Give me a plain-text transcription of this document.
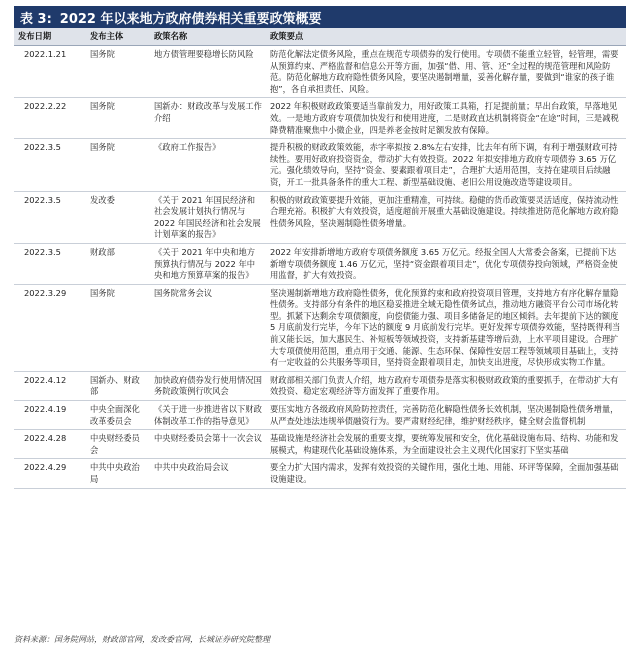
表 3: 2022 年以来地方政府债券相关重要政策概要
发布日期	发布主体	政策名称	政策要点
2022.1.21	国务院	地方债管理要稳增长防风险	防范化解法定债务风险，重点在规范专项债券的发行使用。专项债不能重立轻管，轻管理，需要从预算约束、严格监督和信息公开等方面，加强“借、用、管、还”全过程的规范管理和风险防范。防范化解地方政府隐性债务风险，要坚决遏制增量，妥善化解存量，要做到“谁家的孩子谁抱”，各自承担责任、风险。
2022.2.22	国务院	国新办：财政改革与发展工作介绍	2022 年积极财政政策要适当靠前发力，用好政策工具箱，打足提前量；早出台政策，早落地见效。一是地方政府专项债加快发行和使用进度，二是财政直达机制将资金“在途”时间，三是减税降费精准聚焦中小微企业，四是养老金按时足额发放有保障。
2022.3.5	国务院	《政府工作报告》	提升积极的财政政策效能，赤字率拟按 2.8%左右安排，比去年有所下调，有利于增强财政可持续性。要用好政府投资资金，带动扩大有效投资。2022 年拟安排地方政府专项债券 3.65 万亿元。强化绩效导向，坚持“资金、要素跟着项目走”，合理扩大适用范围，支持在建项目后续融资，开工一批具备条件的重大工程、新型基础设施、老旧公用设施改造等建设项目。
2022.3.5	发改委	《关于 2021 年国民经济和社会发展计划执行情况与 2022 年国民经济和社会发展计划草案的报告》	积极的财政政策要提升效能，更加注重精准，可持续。稳健的货币政策要灵活适度，保持流动性合理充裕。积极扩大有效投资，适度超前开展重大基础设施建设。持续推进防范化解地方政府隐性债务风险，坚决遏制隐性债务增量。
2022.3.5	财政部	《关于 2021 年中央和地方预算执行情况与 2022 年中央和地方预算草案的报告》	2022 年安排新增地方政府专项债务额度 3.65 万亿元。经报全国人大常委会备案，已提前下达新增专项债务额度 1.46 万亿元，坚持“资金跟着项目走”，优化专项债券投向领域，严格资金使用监督，扩大有效投资。
2022.3.29	国务院	国务院常务会议	坚决遏制新增地方政府隐性债务，优化预算约束和政府投资项目管理，支持地方有序化解存量隐性债务。支持部分有条件的地区稳妥推进全域无隐性债务试点，推动地方融资平台公司市场化转型。抓紧下达剩余专项债额度，向偿债能力强、项目多储备足的地区倾斜。去年提前下达的额度 5 月底前发行完毕，今年下达的额度 9 月底前发行完毕。更好发挥专项债券效能，坚持既得利当前又能长远，加大惠民生、补短板等领域投资，支持新基建等增后劲，上水平项目建设。合理扩大专项债使用范围，重点用于交通、能源、生态环保、保障性安居工程等领域项目基础上，支持有一定收益的公共服务等项目，坚持资金跟着项目走，加快支出进度，尽快形成实物工作量。
2022.4.12	国新办、财政部	加快政府债券发行使用情况国务院政策例行吹风会	财政部相关部门负责人介绍，地方政府专项债券是落实积极财政政策的重要抓手，在带动扩大有效投资、稳定宏观经济等方面发挥了重要作用。
2022.4.19	中央全面深化改革委员会	《关于进一步推进省以下财政体制改革工作的指导意见》	要压实地方各级政府风险防控责任，完善防范化解隐性债务长效机制，坚决遏制隐性债务增量，从严查处违法违规举债融资行为。要严肃财经纪律，维护财经秩序，健全财会监督机制
2022.4.28	中央财经委员会	中央财经委员会第十一次会议	基础设施是经济社会发展的重要支撑，要统筹发展和安全，优化基础设施布局、结构、功能和发展模式，构建现代化基础设施体系，为全面建设社会主义现代化国家打下坚实基础
2022.4.29	中共中央政治局	中共中央政治局会议	要全力扩大国内需求，发挥有效投资的关键作用，强化土地、用能、环评等保障，全面加强基础设施建设。
资料来源：国务院网站，财政部官网，发改委官网，长城证券研究院整理
